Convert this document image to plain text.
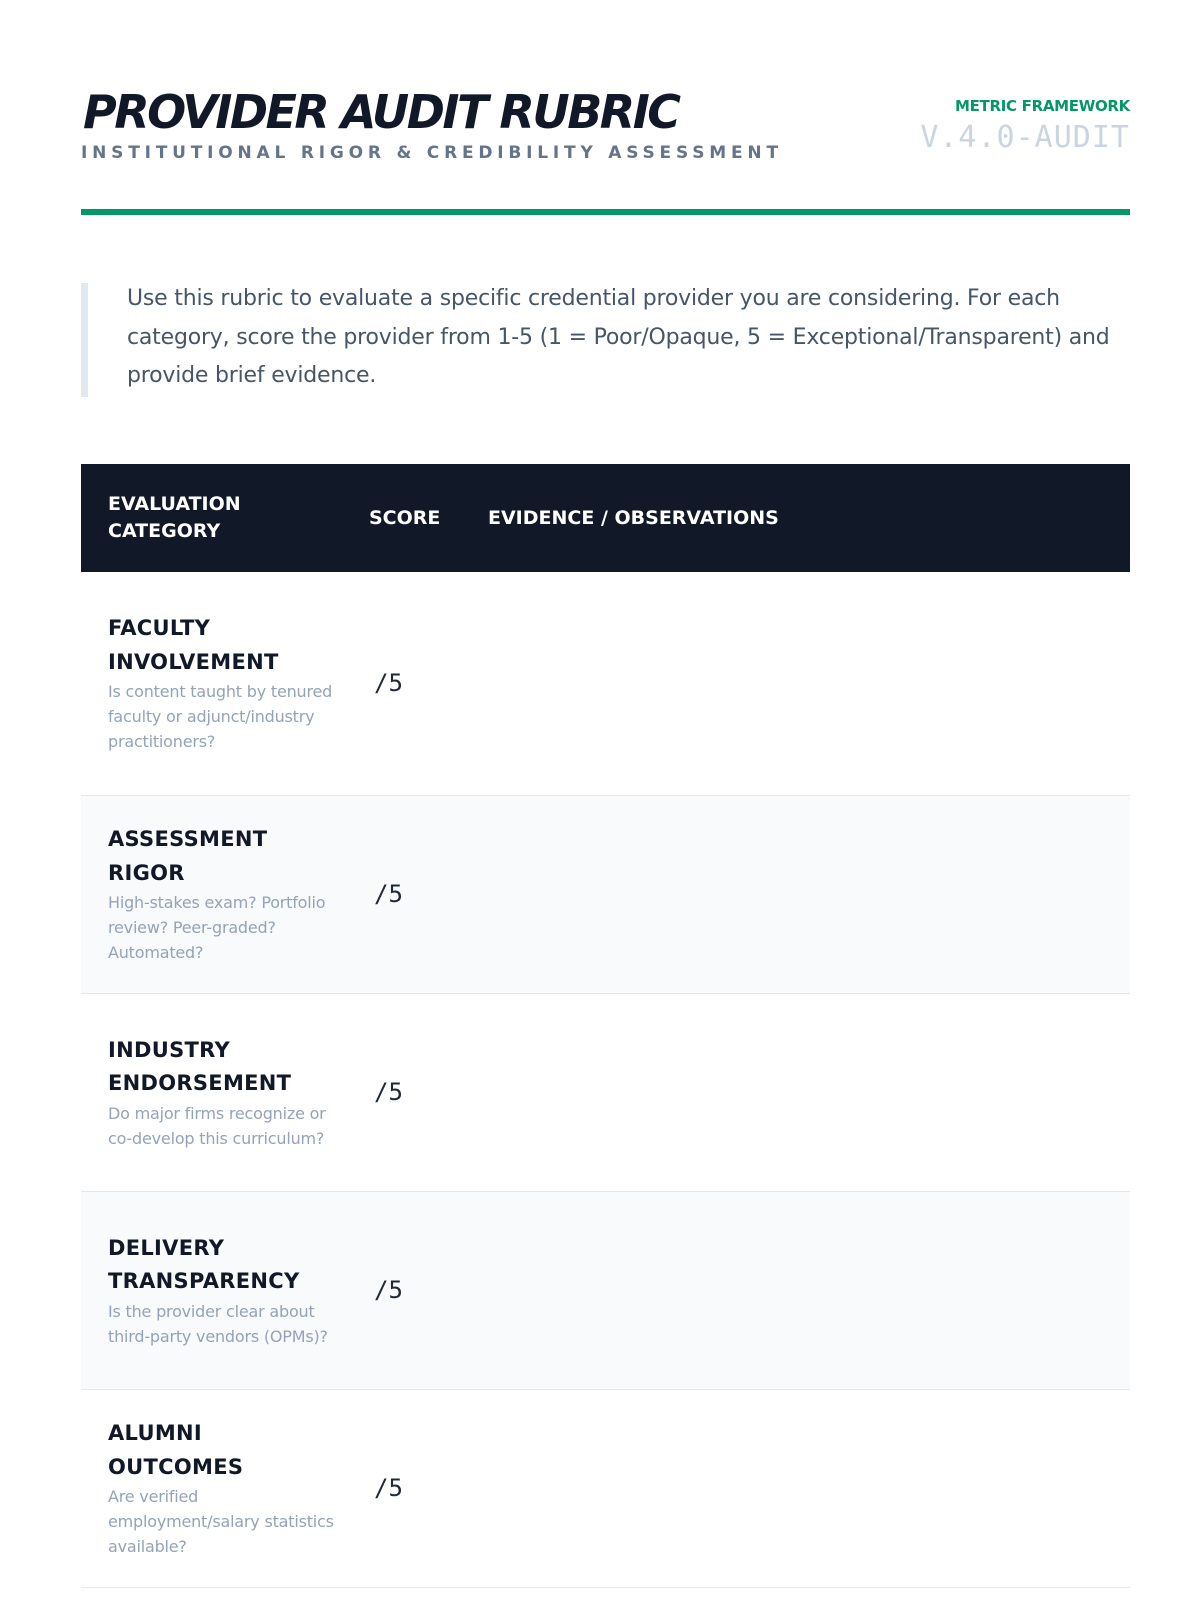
PROVIDER AUDIT RUBRIC
INSTITUTIONAL RIGOR & CREDIBILITY ASSESSMENT
METRIC FRAMEWORK
V.4.0-AUDIT

Use this rubric to evaluate a specific credential provider you are considering. For each category, score the provider from 1-5 (1 = Poor/Opaque, 5 = Exceptional/Transparent) and provide brief evidence.

EVALUATION CATEGORY	SCORE	EVIDENCE / OBSERVATIONS

FACULTY INVOLVEMENT
Is content taught by tenured faculty or adjunct/industry practitioners?	/5	

ASSESSMENT RIGOR
High-stakes exam? Portfolio review? Peer-graded? Automated?	/5	

INDUSTRY ENDORSEMENT
Do major firms recognize or co-develop this curriculum?	/5	

DELIVERY TRANSPARENCY
Is the provider clear about third-party vendors (OPMs)?	/5	

ALUMNI OUTCOMES
Are verified employment/salary statistics available?	/5	
